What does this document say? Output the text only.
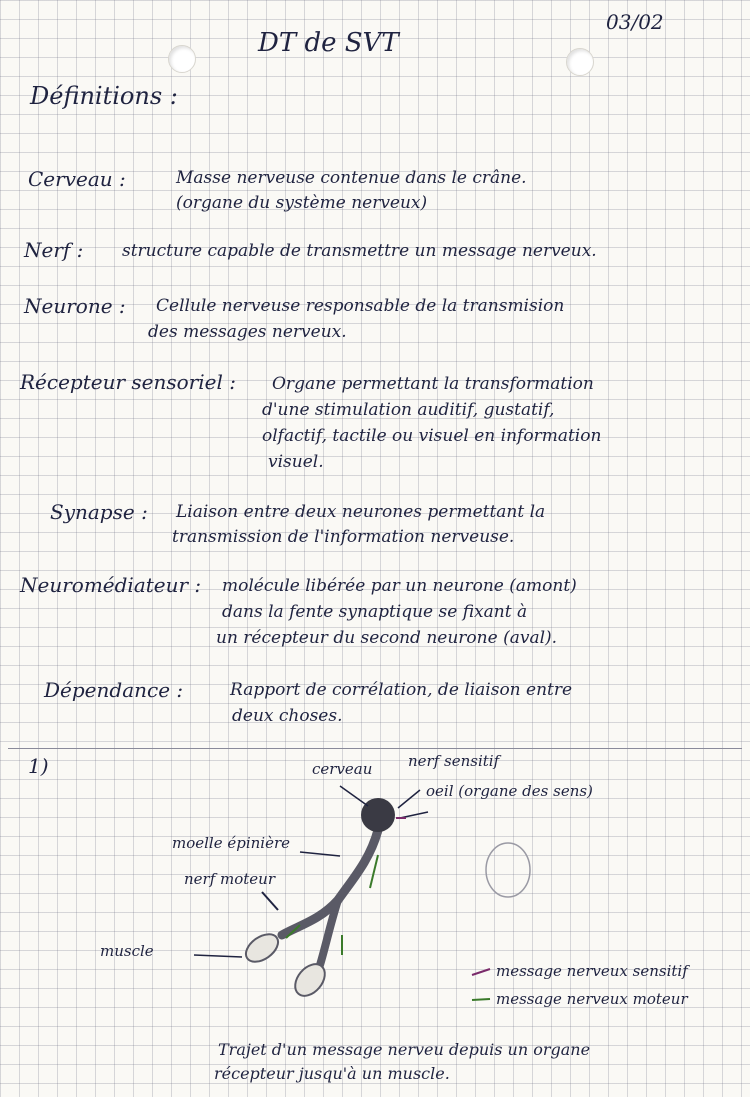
DT de SVT
03/02
Définitions :
Cerveau :	Masse nerveuse contenue dans le crâne.
(organe du système nerveux)
Nerf : structure capable de transmettre un message nerveux.
Neurone : Cellule nerveuse responsable de la transmision
des messages nerveux.
Récepteur sensoriel : Organe permettant la transformation
d'une stimulation auditif, gustatif,
olfactif, tactile ou visuel en information
visuel.
Synapse : Liaison entre deux neurones permettant la
transmission de l'information nerveuse.
Neuromédiateur : molécule libérée par un neurone (amont)
dans la fente synaptique se fixant à
un récepteur du second neurone (aval).
Dépendance :	Rapport de corrélation, de liaison entre
deux choses.
1)	cerveau nerf sensitif
oeil (organe des sens)
moelle épinière
nerf moteur
muscle
message nerveux sensitif
message nerveux moteur
Trajet d'un message nerveu depuis un organe
récepteur jusqu'à un muscle.
